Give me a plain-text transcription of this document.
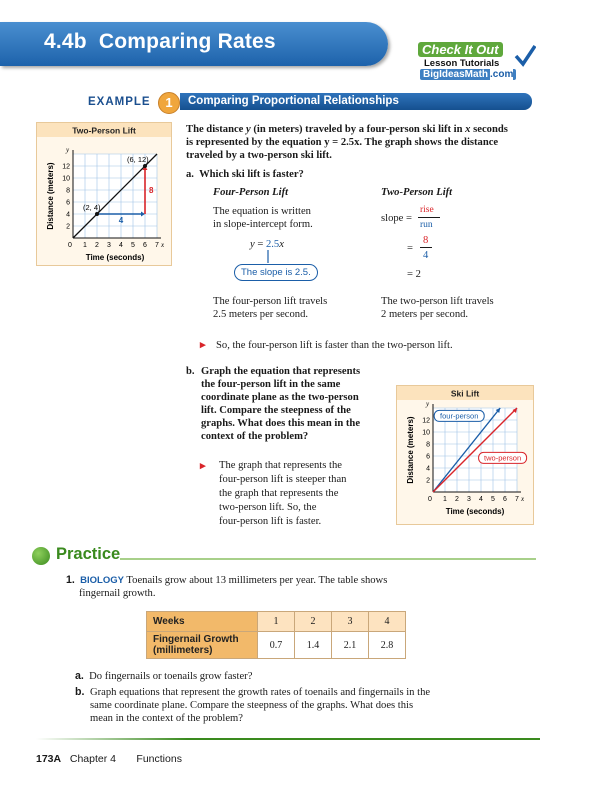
4.4b Comparing Rates	Check It Out
Lesson Tutorials
BigIdeasMath .com
EXAMPLE	1	Comparing Proportional Relationships
The distance y (in meters) traveled by a four-person ski lift in x seconds is represented by the equation y = 2.5x. The graph shows the distance traveled by a two-person ski lift.
Two-Person Lift
x
y
0 1 2 3 4 5 6 7
2
4
6
8
10
12
Time (seconds)
Distance (meters)	4
8
(2, 4)
(6, 12)
a. Which ski lift is faster?
Four-Person Lift
The equation is written
in slope-intercept form.
y = 2.5x
The slope is 2.5.
The four-person lift travels
2.5 meters per second.
Two-Person Lift
slope =
rise
run
=
8
4
= 2
The two-person lift travels
2 meters per second.
▸ So, the four-person lift is faster than the two-person lift.
b. Graph the equation that represents
the four-person lift in the same
coordinate plane as the two-person
lift. Compare the steepness of the
graphs. What does this mean in the
context of the problem?
▸ The graph that represents the
four-person lift is steeper than
the graph that represents the
two-person lift. So, the
four-person lift is faster.
Ski Lift
x
y
0 1 2 3 4 5 6 7
2
4
6
8
10
12
Time (seconds)
Distance (meters)
four-person
two-person
Practice
1. BIOLOGY Toenails grow about 13 millimeters per year. The table shows
fingernail growth.
Weeks	1	2	3	4

Fingernail Growth
(millimeters)	0.7	1.4	2.1	2.8
a. Do fingernails or toenails grow faster?
b. Graph equations that represent the growth rates of toenails and fingernails in the
same coordinate plane. Compare the steepness of the graphs. What does this
mean in the context of the problem?
173A Chapter 4 Functions
